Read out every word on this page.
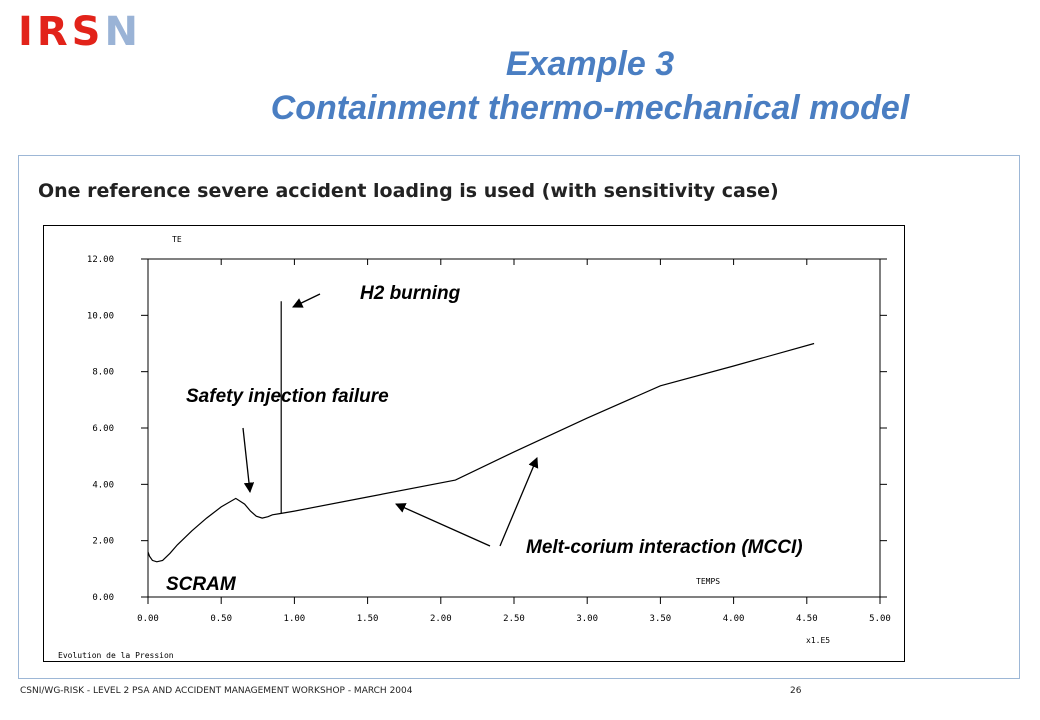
IRSN
Example 3
Containment thermo-mechanical model
One reference severe accident loading is used (with sensitivity case)
0.00	0.50	1.00	1.50	2.00	2.50	3.00	3.50	4.00	4.50	5.00
0.00
2.00
4.00
6.00
8.00
10.00
12.00
TE
TEMPS
x1.E5
Evolution de la Pression
H2 burning
Safety injection failure
Melt-corium interaction (MCCI)
SCRAM
CSNI/WG-RISK - LEVEL 2 PSA AND ACCIDENT MANAGEMENT WORKSHOP - MARCH 2004	26
